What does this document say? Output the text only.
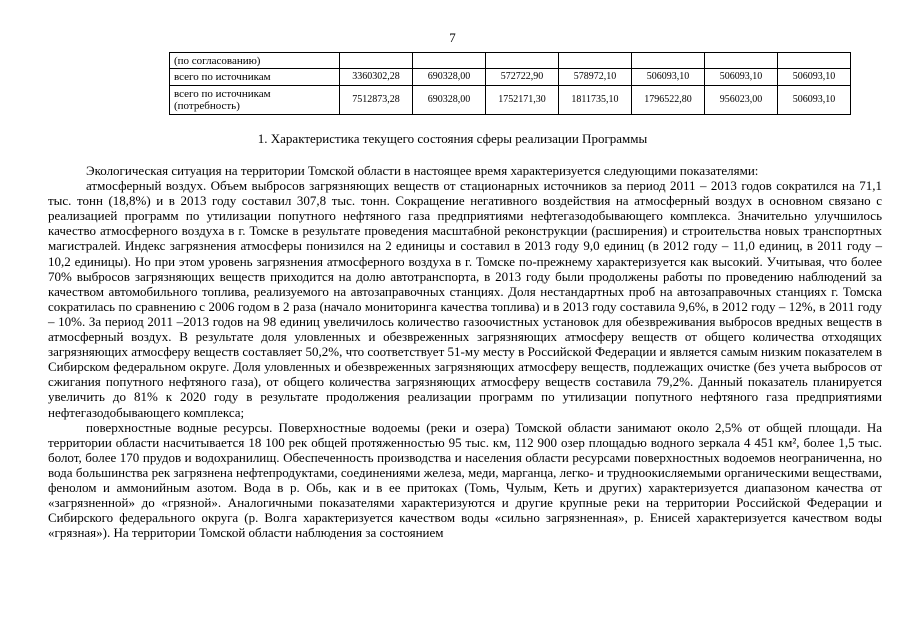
7
(по согласованию)							
всего по источникам	3360302,28	690328,00	572722,90	578972,10	506093,10	506093,10	506093,10
всего по источникам (потребность)	7512873,28	690328,00	1752171,30	1811735,10	1796522,80	956023,00	506093,10
1. Характеристика текущего состояния сферы реализации Программы

Экологическая ситуация на территории Томской области в настоящее время характеризуется следующими показателями:

атмосферный воздух. Объем выбросов загрязняющих веществ от стационарных источников за период 2011 – 2013 годов сократился на 71,1 тыс. тонн (18,8%) и в 2013 году составил 307,8 тыс. тонн. Сокращение негативного воздействия на атмосферный воздух в основном связано с реализацией программ по утилизации попутного нефтяного газа предприятиями нефтегазодобывающего комплекса. Значительно улучшилось качество атмосферного воздуха в г. Томске в результате проведения масштабной реконструкции (расширения) и строительства новых транспортных магистралей. Индекс загрязнения атмосферы понизился на 2 единицы и составил в 2013 году 9,0 единиц (в 2012 году – 11,0 единиц, в 2011 году – 10,2 единицы). Но при этом уровень загрязнения атмосферного воздуха в г. Томске по-прежнему характеризуется как высокий. Учитывая, что более 70% выбросов загрязняющих веществ приходится на долю автотранспорта, в 2013 году были продолжены работы по проведению наблюдений за качеством автомобильного топлива, реализуемого на автозаправочных станциях. Доля нестандартных проб на автозаправочных станциях г. Томска сократилась по сравнению с 2006 годом в 2 раза (начало мониторинга качества топлива) и в 2013 году составила 9,6%, в 2012 году – 12%, в 2011 году – 10%. За период 2011 –2013 годов на 98 единиц увеличилось количество газоочистных установок для обезвреживания выбросов вредных веществ в атмосферный воздух. В результате доля уловленных и обезвреженных загрязняющих атмосферу веществ от общего количества отходящих загрязняющих атмосферу веществ составляет 50,2%, что соответствует 51-му месту в Российской Федерации и является самым низким показателем в Сибирском федеральном округе. Доля уловленных и обезвреженных загрязняющих атмосферу веществ, подлежащих очистке (без учета выбросов от сжигания попутного нефтяного газа), от общего количества загрязняющих атмосферу веществ составила 79,2%. Данный показатель планируется увеличить до 81% к 2020 году в результате продолжения реализации программ по утилизации попутного нефтяного газа предприятиями нефтегазодобывающего комплекса;

поверхностные водные ресурсы. Поверхностные водоемы (реки и озера) Томской области занимают около 2,5% от общей площади. На территории области насчитывается 18 100 рек общей протяженностью 95 тыс. км, 112 900 озер площадью водного зеркала 4 451 км², более 1,5 тыс. болот, более 170 прудов и водохранилищ. Обеспеченность производства и населения области ресурсами поверхностных водоемов неограниченна, но вода большинства рек загрязнена нефтепродуктами, соединениями железа, меди, марганца, легко- и трудноокисляемыми органическими веществами, фенолом и аммонийным азотом. Вода в р. Обь, как и в ее притоках (Томь, Чулым, Кеть и других) характеризуется диапазоном качества от «загрязненной» до «грязной». Аналогичными показателями характеризуются и другие крупные реки на территории Российской Федерации и Сибирского федерального округа (р. Волга характеризуется качеством воды «сильно загрязненная», р. Енисей характеризуется качеством воды «грязная»). На территории Томской области наблюдения за состоянием
